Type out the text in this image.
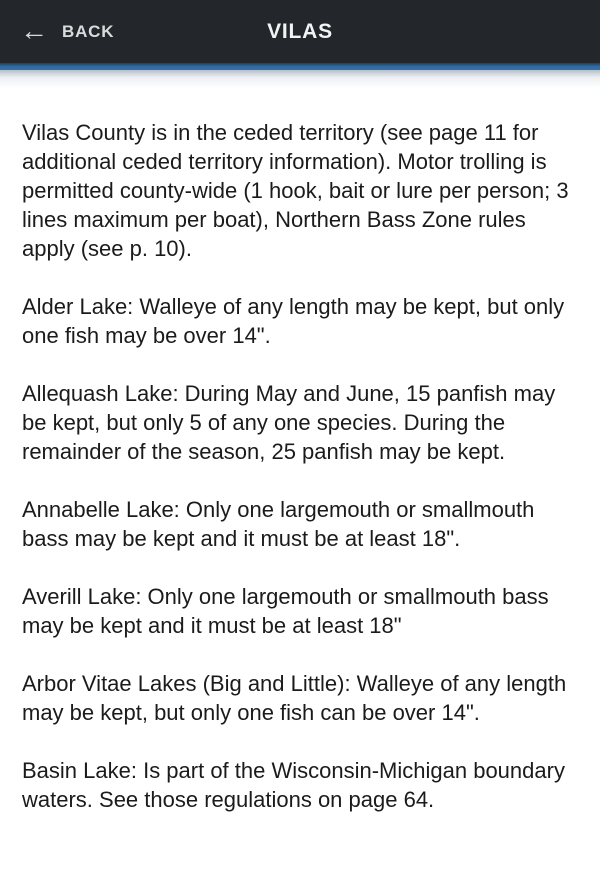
← BACK	VILAS

Vilas County is in the ceded territory (see page 11 for additional ceded territory information). Motor trolling is permitted county-wide (1 hook, bait or lure per person; 3 lines maximum per boat), Northern Bass Zone rules apply (see p. 10).

Alder Lake: Walleye of any length may be kept, but only one fish may be over 14".

Allequash Lake: During May and June, 15 panfish may be kept, but only 5 of any one species. During the remainder of the season, 25 panfish may be kept.

Annabelle Lake: Only one largemouth or smallmouth bass may be kept and it must be at least 18".

Averill Lake: Only one largemouth or smallmouth bass may be kept and it must be at least 18"

Arbor Vitae Lakes (Big and Little): Walleye of any length may be kept, but only one fish can be over 14".

Basin Lake: Is part of the Wisconsin-Michigan boundary waters. See those regulations on page 64.
